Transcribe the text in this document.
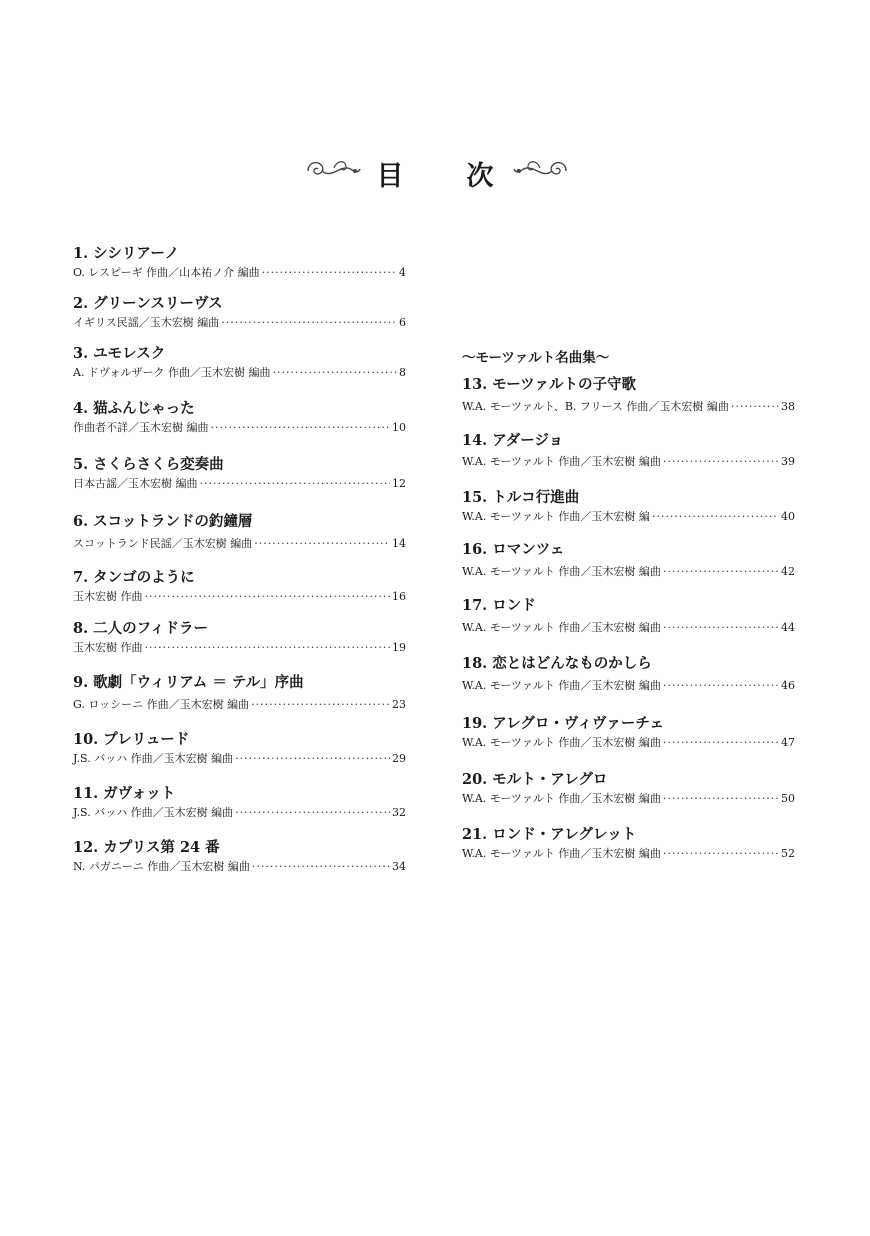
目　次
1. シシリアーノ
O. レスピーギ 作曲／山本祐ノ介 編曲 ·····	4
2. グリーンスリーヴス
イギリス民謡／玉木宏樹 編曲 ·····	6
3. ユモレスク
A. ドヴォルザーク 作曲／玉木宏樹 編曲 ·····	8
4. 猫ふんじゃった
作曲者不詳／玉木宏樹 編曲 ·····	10
5. さくらさくら変奏曲
日本古謡／玉木宏樹 編曲 ·····	12
6. スコットランドの釣鐘層
スコットランド民謡／玉木宏樹 編曲 ·····	14
7. タンゴのように
玉木宏樹 作曲 ·····	16
8. 二人のフィドラー
玉木宏樹 作曲 ·····	19
9. 歌劇「ウィリアム ＝ テル」序曲
G. ロッシーニ 作曲／玉木宏樹 編曲 ·····	23
10. プレリュード
J.S. バッハ 作曲／玉木宏樹 編曲 ·····	29
11. ガヴォット
J.S. バッハ 作曲／玉木宏樹 編曲 ·····	32
12. カプリス第 24 番
N. パガニーニ 作曲／玉木宏樹 編曲 ·····	34
～モーツァルト名曲集～
13. モーツァルトの子守歌
W.A. モーツァルト、B. フリース 作曲／玉木宏樹 編曲 ·····	38
14. アダージョ
W.A. モーツァルト 作曲／玉木宏樹 編曲 ·····	39
15. トルコ行進曲
W.A. モーツァルト 作曲／玉木宏樹 編 ·····	40
16. ロマンツェ
W.A. モーツァルト 作曲／玉木宏樹 編曲 ·····	42
17. ロンド
W.A. モーツァルト 作曲／玉木宏樹 編曲 ·····	44
18. 恋とはどんなものかしら
W.A. モーツァルト 作曲／玉木宏樹 編曲 ·····	46
19. アレグロ・ヴィヴァーチェ
W.A. モーツァルト 作曲／玉木宏樹 編曲 ·····	47
20. モルト・アレグロ
W.A. モーツァルト 作曲／玉木宏樹 編曲 ·····	50
21. ロンド・アレグレット
W.A. モーツァルト 作曲／玉木宏樹 編曲 ·····	52
